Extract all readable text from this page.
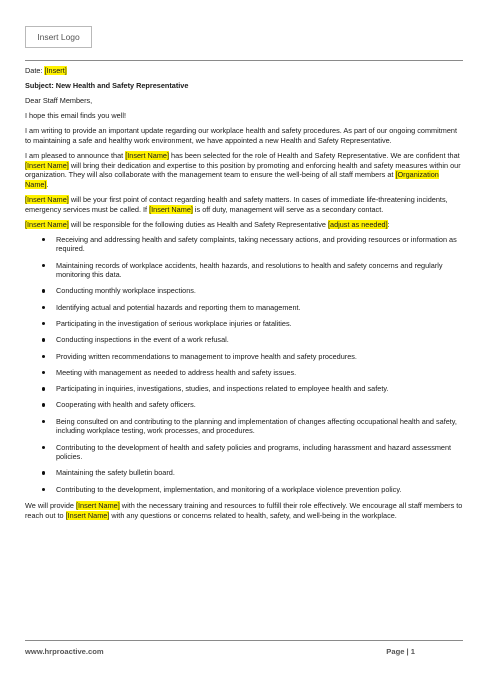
Insert Logo

Date: [Insert]

Subject: New Health and Safety Representative

Dear Staff Members,

I hope this email finds you well!

I am writing to provide an important update regarding our workplace health and safety procedures. As part of our ongoing commitment to maintaining a safe and healthy work environment, we have appointed a new Health and Safety Representative.

I am pleased to announce that [Insert Name] has been selected for the role of Health and Safety Representative. We are confident that [Insert Name] will bring their dedication and expertise to this position by promoting and enforcing health and safety measures within our organization. They will also collaborate with the management team to ensure the well-being of all staff members at [Organization Name].

[Insert Name] will be your first point of contact regarding health and safety matters. In cases of immediate life-threatening incidents, emergency services must be called. If [Insert Name] is off duty, management will serve as a secondary contact.

[Insert Name] will be responsible for the following duties as Health and Safety Representative [adjust as needed]:

Receiving and addressing health and safety complaints, taking necessary actions, and providing resources or information as required.
Maintaining records of workplace accidents, health hazards, and resolutions to health and safety concerns and regularly monitoring this data.
Conducting monthly workplace inspections.
Identifying actual and potential hazards and reporting them to management.
Participating in the investigation of serious workplace injuries or fatalities.
Conducting inspections in the event of a work refusal.
Providing written recommendations to management to improve health and safety procedures.
Meeting with management as needed to address health and safety issues.
Participating in inquiries, investigations, studies, and inspections related to employee health and safety.
Cooperating with health and safety officers.
Being consulted on and contributing to the planning and implementation of changes affecting occupational health and safety, including workplace testing, work processes, and procedures.
Contributing to the development of health and safety policies and programs, including harassment and hazard assessment policies.
Maintaining the safety bulletin board.
Contributing to the development, implementation, and monitoring of a workplace violence prevention policy.

We will provide [Insert Name] with the necessary training and resources to fulfill their role effectively. We encourage all staff members to reach out to [Insert Name] with any questions or concerns related to health, safety, and well-being in the workplace.

www.hrproactive.com	Page | 1
